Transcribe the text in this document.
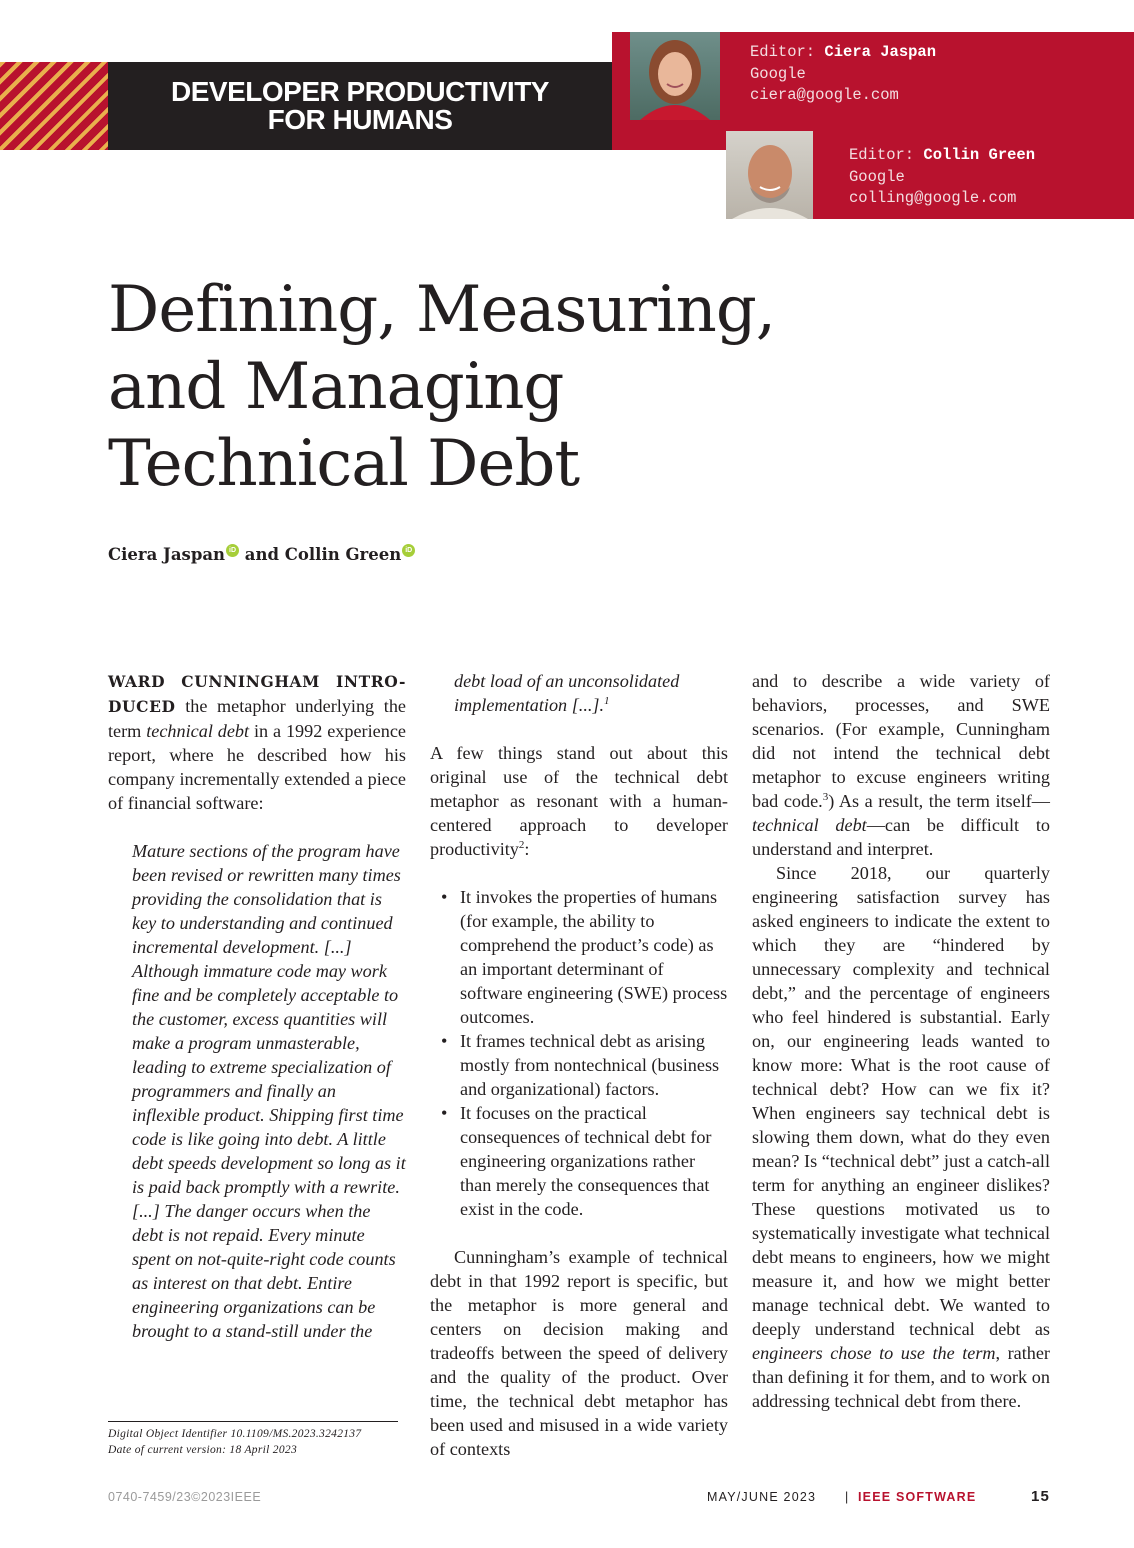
DEVELOPER PRODUCTIVITY
FOR HUMANS
Editor: Ciera Jaspan
Google
ciera@google.com
Editor: Collin Green
Google
colling@google.com
Defining, Measuring,
and Managing
Technical Debt
Ciera Jaspan iD and Collin Green iD

WARD CUNNINGHAM INTRO-DUCED the metaphor underlying the term technical debt in a 1992 experience report, where he described how his company incrementally extended a piece of financial software:

Mature sections of the program have been revised or rewritten many times providing the consolidation that is key to understanding and continued incremental development. [...] Although immature code may work fine and be completely acceptable to the customer, excess quantities will make a program unmasterable, leading to extreme specialization of programmers and finally an inflexible product. Shipping first time code is like going into debt. A little debt speeds development so long as it is paid back promptly with a rewrite. [...] The danger occurs when the debt is not repaid. Every minute spent on not-quite-right code counts as interest on that debt. Entire engineering organizations can be brought to a stand-still under the

debt load of an unconsolidated implementation [...].$^1$

A few things stand out about this original use of the technical debt metaphor as resonant with a human-centered approach to developer productivity$^2$:

• It invokes the properties of humans (for example, the ability to comprehend the product’s code) as an important determinant of software engineering (SWE) process outcomes.
• It frames technical debt as arising mostly from nontechnical (business and organizational) factors.
• It focuses on the practical consequences of technical debt for engineering organizations rather than merely the consequences that exist in the code.

Cunningham’s example of technical debt in that 1992 report is specific, but the metaphor is more general and centers on decision making and tradeoffs between the speed of delivery and the quality of the product. Over time, the technical debt metaphor has been used and misused in a wide variety of contexts

and to describe a wide variety of behaviors, processes, and SWE scenarios. (For example, Cunningham did not intend the technical debt metaphor to excuse engineers writing bad code.$^3$) As a result, the term itself—technical debt—can be difficult to understand and interpret.

Since 2018, our quarterly engineering satisfaction survey has asked engineers to indicate the extent to which they are “hindered by unnecessary complexity and technical debt,” and the percentage of engineers who feel hindered is substantial. Early on, our engineering leads wanted to know more: What is the root cause of technical debt? How can we fix it? When engineers say technical debt is slowing them down, what do they even mean? Is “technical debt” just a catch-all term for anything an engineer dislikes? These questions motivated us to systematically investigate what technical debt means to engineers, how we might measure it, and how we might better manage technical debt. We wanted to deeply understand technical debt as engineers chose to use the term, rather than defining it for them, and to work on addressing technical debt from there.

Digital Object Identifier 10.1109/MS.2023.3242137
Date of current version: 18 April 2023
0740-7459/23©2023IEEE	MAY/JUNE 2023 | IEEE SOFTWARE	15
